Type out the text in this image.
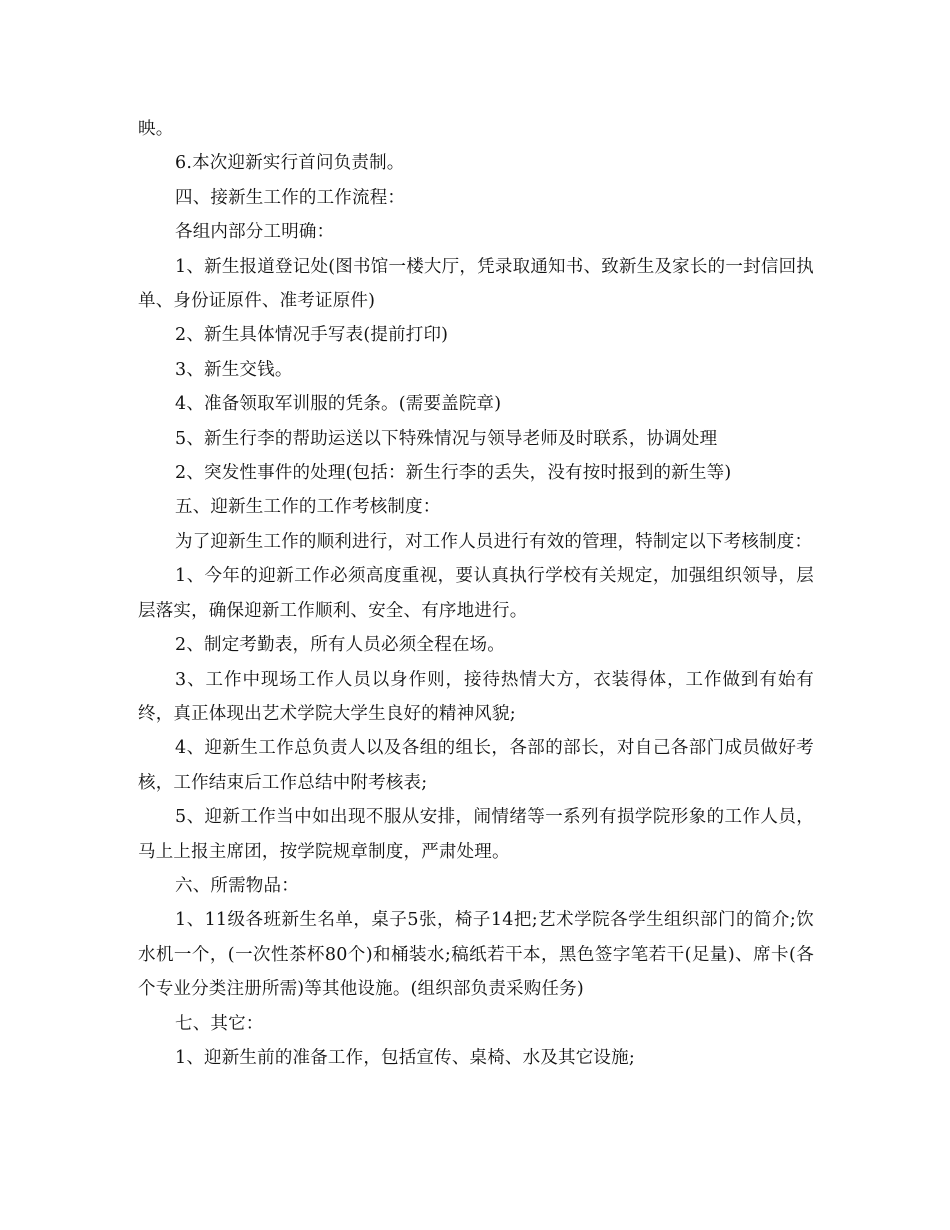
映。

6.本次迎新实行首问负责制。

四、接新生工作的工作流程：

各组内部分工明确：

1、新生报道登记处(图书馆一楼大厅，凭录取通知书、致新生及家长的一封信回执单、身份证原件、准考证原件)

2、新生具体情况手写表(提前打印)

3、新生交钱。

4、准备领取军训服的凭条。(需要盖院章)

5、新生行李的帮助运送以下特殊情况与领导老师及时联系，协调处理

2、突发性事件的处理(包括：新生行李的丢失，没有按时报到的新生等)

五、迎新生工作的工作考核制度：

为了迎新生工作的顺利进行，对工作人员进行有效的管理，特制定以下考核制度：

1、今年的迎新工作必须高度重视，要认真执行学校有关规定，加强组织领导，层层落实，确保迎新工作顺利、安全、有序地进行。

2、制定考勤表，所有人员必须全程在场。

3、工作中现场工作人员以身作则，接待热情大方，衣装得体，工作做到有始有终，真正体现出艺术学院大学生良好的精神风貌;

4、迎新生工作总负责人以及各组的组长，各部的部长，对自己各部门成员做好考核，工作结束后工作总结中附考核表;

5、迎新工作当中如出现不服从安排，闹情绪等一系列有损学院形象的工作人员，马上上报主席团，按学院规章制度，严肃处理。

六、所需物品：

1、11级各班新生名单，桌子5张，椅子14把;艺术学院各学生组织部门的简介;饮水机一个，(一次性茶杯80个)和桶装水;稿纸若干本，黑色签字笔若干(足量)、席卡(各个专业分类注册所需)等其他设施。(组织部负责采购任务)

七、其它：

1、迎新生前的准备工作，包括宣传、桌椅、水及其它设施;
